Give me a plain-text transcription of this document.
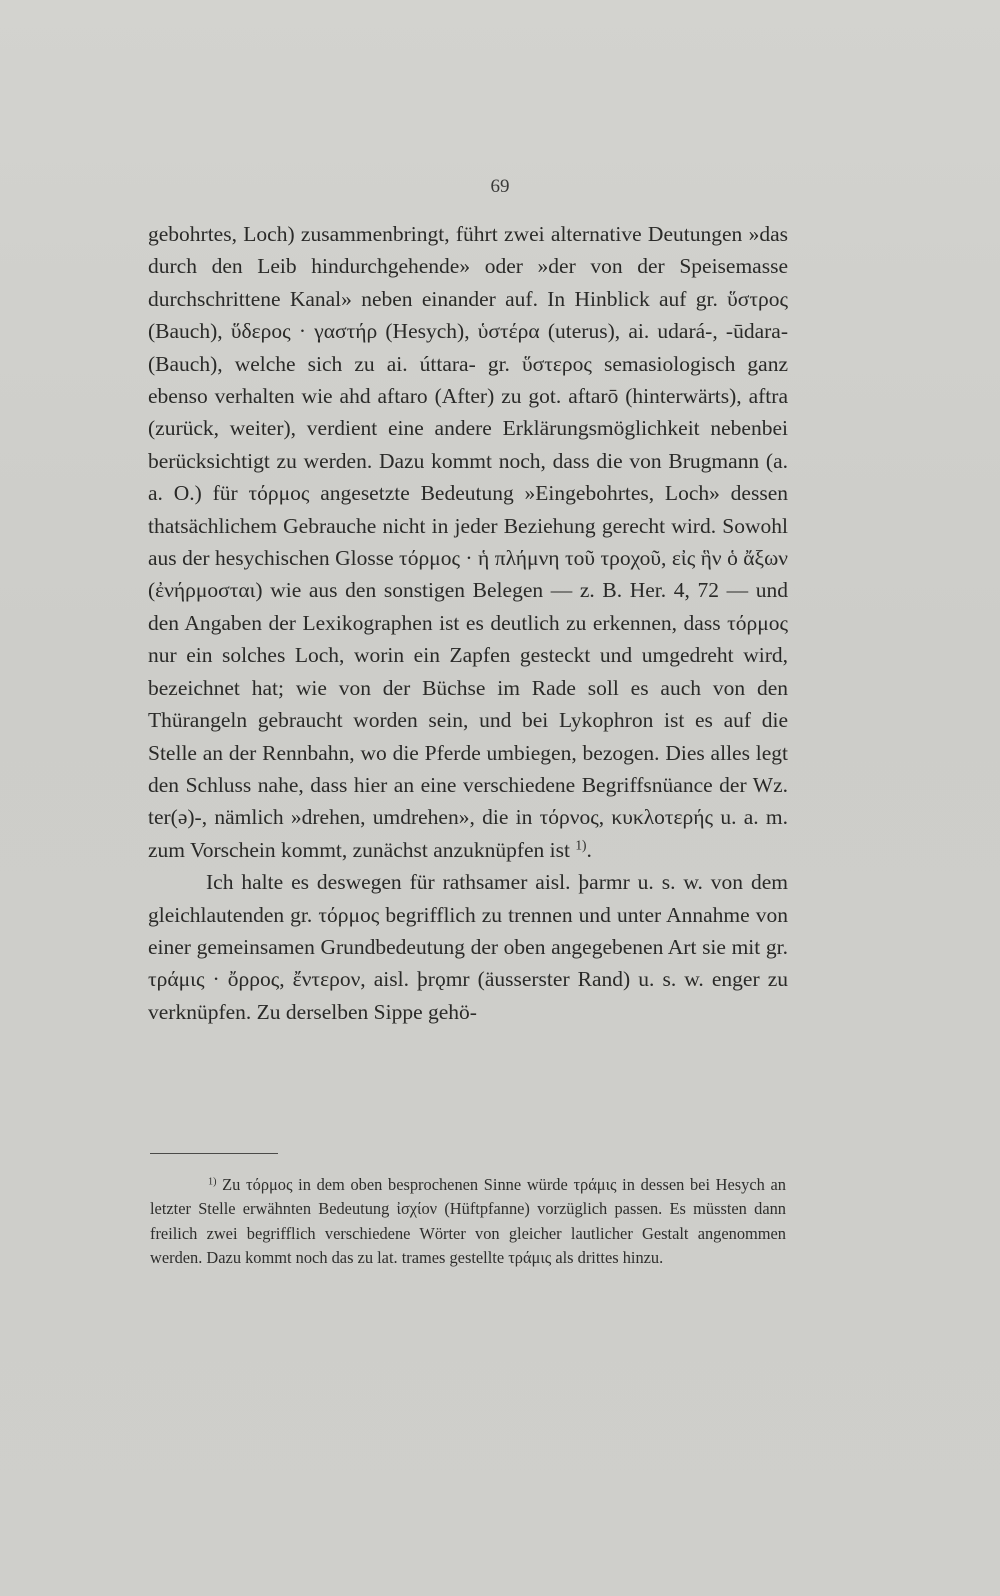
69

gebohrtes, Loch) zusammenbringt, führt zwei alternative Deutungen »das durch den Leib hindurchgehende» oder »der von der Speisemasse durchschrittene Kanal» neben einander auf. In Hinblick auf gr. ὕστρος (Bauch), ὕδερος · γαστήρ (Hesych), ὑστέρα (uterus), ai. udará-, -ūdara- (Bauch), welche sich zu ai. úttara- gr. ὕστερος semasiologisch ganz ebenso verhalten wie ahd aftaro (After) zu got. aftarō (hinterwärts), aftra (zurück, weiter), verdient eine andere Erklärungsmöglichkeit nebenbei berücksichtigt zu werden. Dazu kommt noch, dass die von Brugmann (a. a. O.) für τόρμος angesetzte Bedeutung »Eingebohrtes, Loch» dessen thatsächlichem Gebrauche nicht in jeder Beziehung gerecht wird. Sowohl aus der hesychischen Glosse τόρμος · ἡ πλήμνη τοῦ τροχοῦ, εἰς ἣν ὁ ἄξων (ἐνήρμοσται) wie aus den sonstigen Belegen — z. B. Her. 4, 72 — und den Angaben der Lexikographen ist es deutlich zu erkennen, dass τόρμος nur ein solches Loch, worin ein Zapfen gesteckt und umgedreht wird, bezeichnet hat; wie von der Büchse im Rade soll es auch von den Thürangeln gebraucht worden sein, und bei Lykophron ist es auf die Stelle an der Rennbahn, wo die Pferde umbiegen, bezogen. Dies alles legt den Schluss nahe, dass hier an eine verschiedene Begriffsnüance der Wz. ter(ə)-, nämlich »drehen, umdrehen», die in τόρνος, κυκλοτερής u. a. m. zum Vorschein kommt, zunächst anzuknüpfen ist $^{1)}$.

Ich halte es deswegen für rathsamer aisl. þarmr u. s. w. von dem gleichlautenden gr. τόρμος begrifflich zu trennen und unter Annahme von einer gemeinsamen Grundbedeutung der oben angegebenen Art sie mit gr. τράμις · ὄρρος, ἔντερον, aisl. þrǫmr (äusserster Rand) u. s. w. enger zu verknüpfen. Zu derselben Sippe gehö-

$^{1)}$ Zu τόρμος in dem oben besprochenen Sinne würde τράμις in dessen bei Hesych an letzter Stelle erwähnten Bedeutung ἰσχίον (Hüftpfanne) vorzüglich passen. Es müssten dann freilich zwei begrifflich verschiedene Wörter von gleicher lautlicher Gestalt angenommen werden. Dazu kommt noch das zu lat. trames gestellte τράμις als drittes hinzu.
